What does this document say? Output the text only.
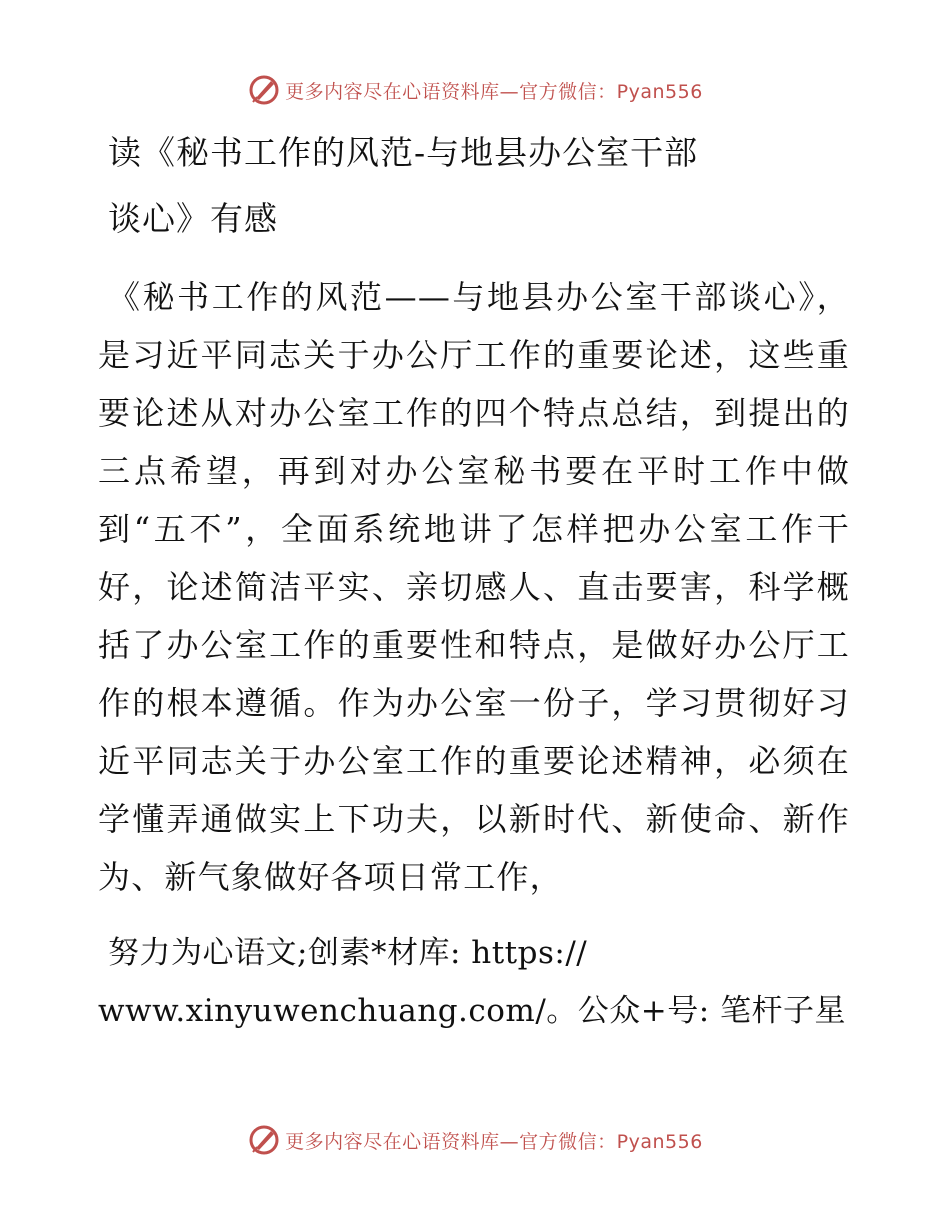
更多内容尽在心语资料库—官方微信：Pyan556
读《秘书工作的风范-与地县办公室干部
谈心》有感

《秘书工作的风范——与地县办公室干部谈心》，是习近平同志关于办公厅工作的重要论述，这些重要论述从对办公室工作的四个特点总结，到提出的三点希望，再到对办公室秘书要在平时工作中做到“五不”，全面系统地讲了怎样把办公室工作干好，论述简洁平实、亲切感人、直击要害，科学概括了办公室工作的重要性和特点，是做好办公厅工作的根本遵循。作为办公室一份子，学习贯彻好习近平同志关于办公室工作的重要论述精神，必须在学懂弄通做实上下功夫，以新时代、新使命、新作为、新气象做好各项日常工作，

努力为心语文;创素*材库: https://
www.xinyuwenchuang.com/。公众+号: 笔杆子星

更多内容尽在心语资料库—官方微信：Pyan556
